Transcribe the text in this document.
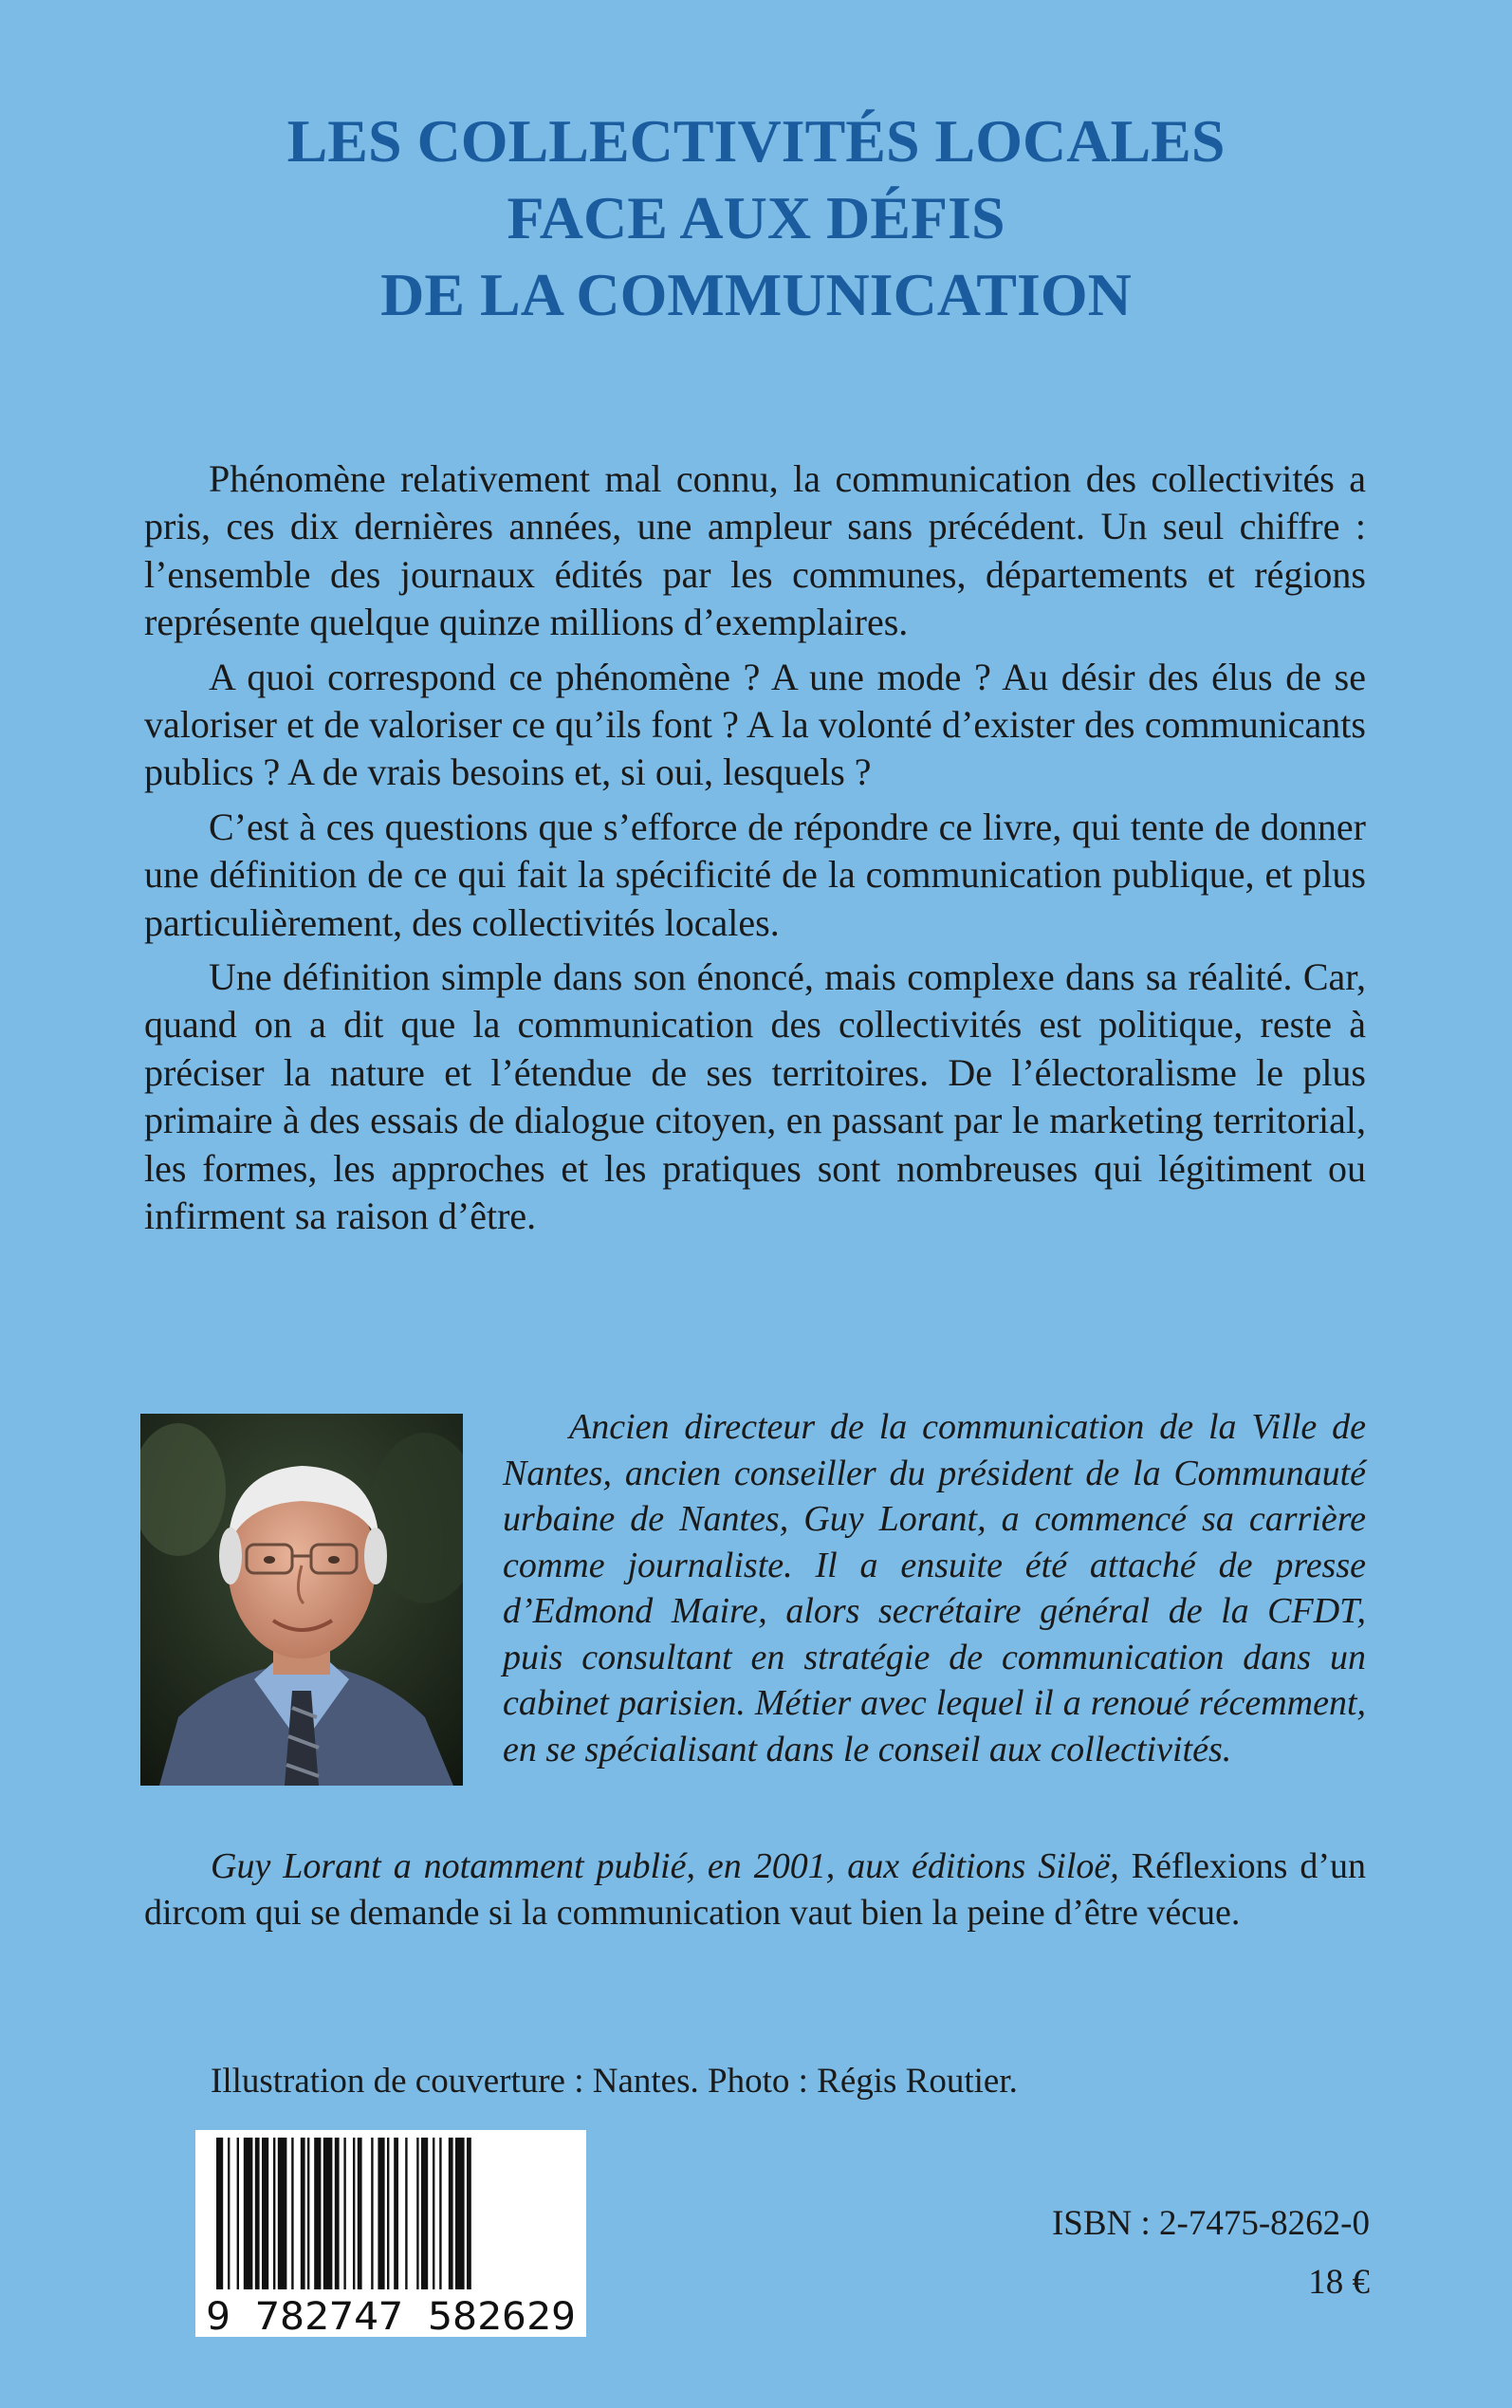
LES COLLECTIVITÉS LOCALES
FACE AUX DÉFIS
DE LA COMMUNICATION

Phénomène relativement mal connu, la communication des collectivités a pris, ces dix dernières années, une ampleur sans précédent. Un seul chiffre : l’ensemble des journaux édités par les communes, départements et régions représente quelque quinze millions d’exemplaires.

A quoi correspond ce phénomène ? A une mode ? Au désir des élus de se valoriser et de valoriser ce qu’ils font ? A la volonté d’exister des communicants publics ? A de vrais besoins et, si oui, lesquels ?

C’est à ces questions que s’efforce de répondre ce livre, qui tente de donner une définition de ce qui fait la spécificité de la communication publique, et plus particulièrement, des collectivités locales.

Une définition simple dans son énoncé, mais complexe dans sa réalité. Car, quand on a dit que la communication des collectivités est politique, reste à préciser la nature et l’étendue de ses territoires. De l’électoralisme le plus primaire à des essais de dialogue citoyen, en passant par le marketing territorial, les formes, les approches et les pratiques sont nombreuses qui légitiment ou infirment sa raison d’être.

Ancien directeur de la communication de la Ville de Nantes, ancien conseiller du président de la Communauté urbaine de Nantes, Guy Lorant, a commencé sa carrière comme journaliste. Il a ensuite été attaché de presse d’Edmond Maire, alors secrétaire général de la CFDT, puis consultant en stratégie de communication dans un cabinet parisien. Métier avec lequel il a renoué récemment, en se spécialisant dans le conseil aux collectivités.

Guy Lorant a notamment publié, en 2001, aux éditions Siloë, Réflexions d’un dircom qui se demande si la communication vaut bien la peine d’être vécue.

Illustration de couverture : Nantes. Photo : Régis Routier.

9 782747 582629

ISBN : 2-7475-8262-0

18 €
